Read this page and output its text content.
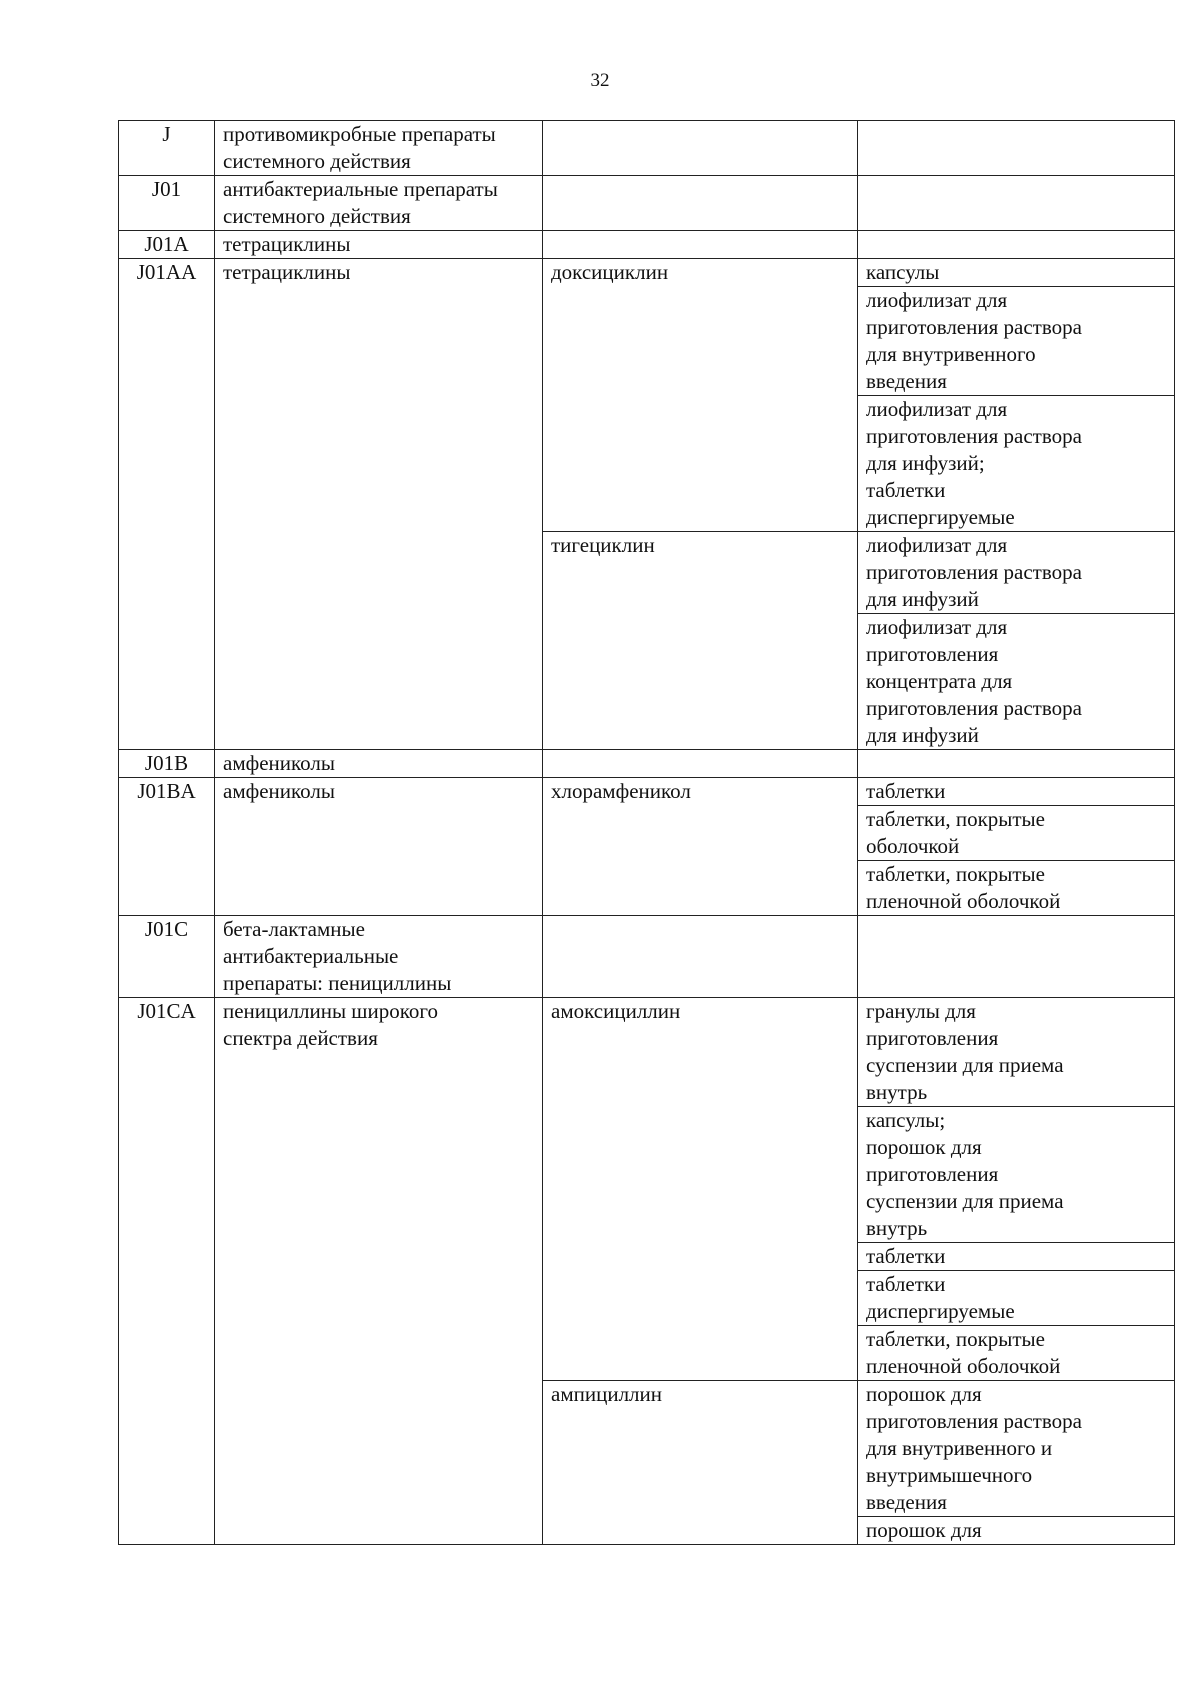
32
J	противомикробные препараты
системного действия		

J01	антибактериальные препараты
системного действия		

J01A	тетрациклины		

J01AA	тетрациклины	доксициклин	капсулы

			лиофилизат для
приготовления раствора
для внутривенного
введения

			лиофилизат для
приготовления раствора
для инфузий;
таблетки
диспергируемые

		тигециклин	лиофилизат для
приготовления раствора
для инфузий

			лиофилизат для
приготовления
концентрата для
приготовления раствора
для инфузий

J01B	амфениколы		

J01BA	амфениколы	хлорамфеникол	таблетки

			таблетки, покрытые
оболочкой

			таблетки, покрытые
пленочной оболочкой

J01C	бета-лактамные
антибактериальные
препараты: пенициллины		

J01CA	пенициллины широкого
спектра действия	амоксициллин	гранулы для
приготовления
суспензии для приема
внутрь

			капсулы;
порошок для
приготовления
суспензии для приема
внутрь

			таблетки

			таблетки
диспергируемые

			таблетки, покрытые
пленочной оболочкой

		ампициллин	порошок для
приготовления раствора
для внутривенного и
внутримышечного
введения

			порошок для
